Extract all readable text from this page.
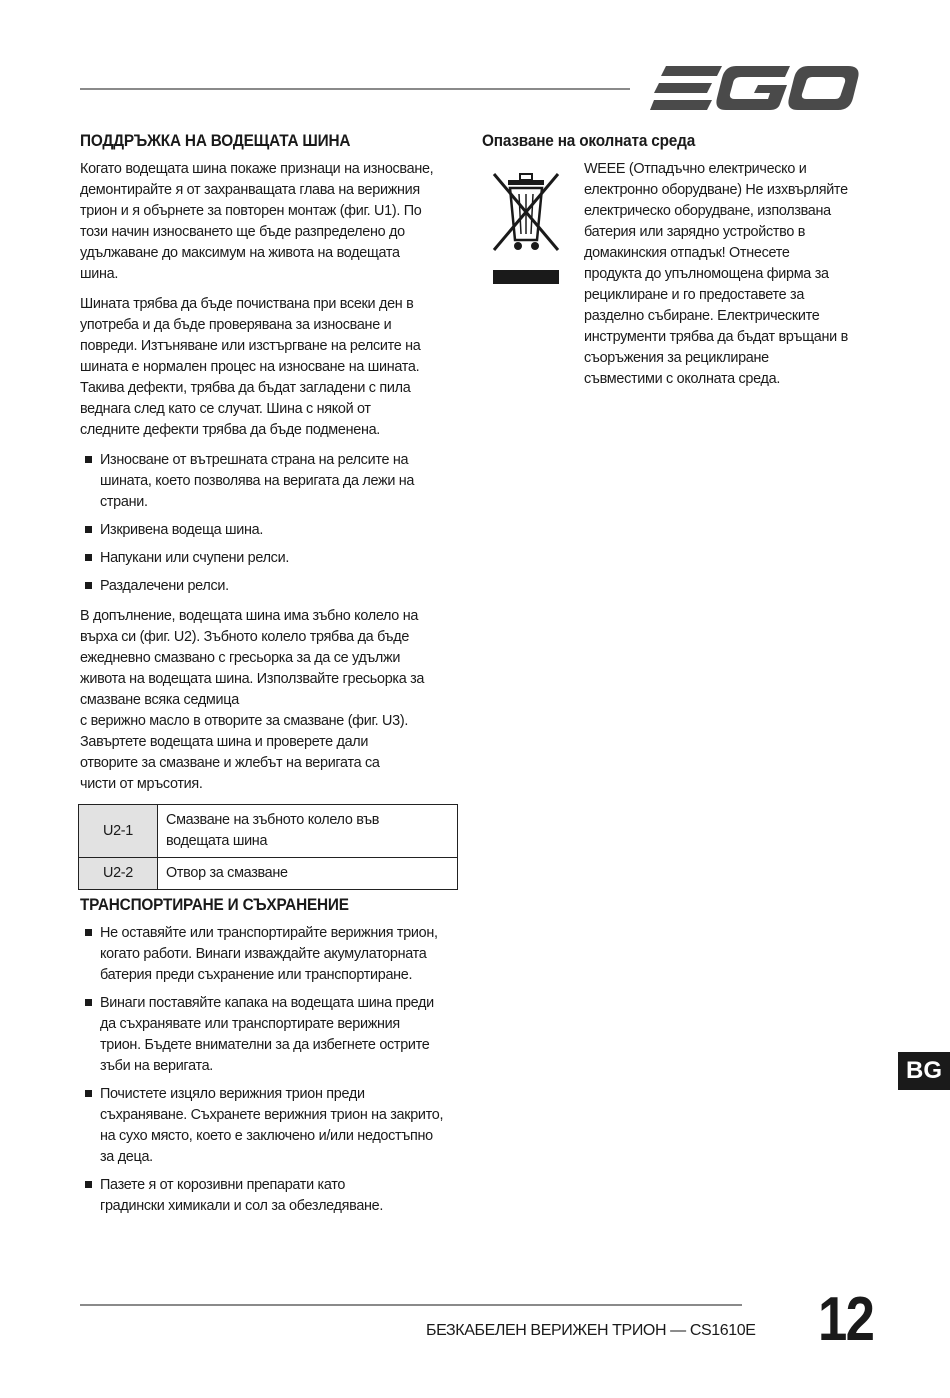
ПОДДРЪЖКА НА ВОДЕЩАТА ШИНА

Когато водещата шина покаже признаци на износване,
демонтирайте я от захранващата глава на верижния
трион и я обърнете за повторен монтаж (фиг. U1). По
този начин износването ще бъде разпределено до
удължаване до максимум на живота на водещата
шина.

Шината трябва да бъде почиствана при всеки ден в
употреба и да бъде проверявана за износване и
повреди. Изтъняване или изстъргване на релсите на
шината е нормален процес на износване на шината.
Такива дефекти, трябва да бъдат загладени с пила
веднага след като се случат. Шина с някой от
следните дефекти трябва да бъде подменена.

Износване от вътрешната страна на релсите на
шината, което позволява на веригата да лежи на
страни.
Изкривена водеща шина.
Напукани или счупени релси.
Раздалечени релси.

В допълнение, водещата шина има зъбно колело на
върха си (фиг. U2). Зъбното колело трябва да бъде
ежедневно смазвано с гресьорка за да се удължи
живота на водещата шина. Използвайте гресьорка за
смазване всяка седмица
с верижно масло в отворите за смазване (фиг. U3).
Завъртете водещата шина и проверете дали
отворите за смазване и жлебът на веригата са
чисти от мръсотия.

U2-1	Смазване на зъбното колело във
водещата шина
U2-2	Отвор за смазване
ТРАНСПОРТИРАНЕ И СЪХРАНЕНИЕ
Не оставяйте или транспортирайте верижния трион,
когато работи. Винаги изваждайте акумулаторната
батерия преди съхранение или транспортиране.
Винаги поставяйте капака на водещата шина преди
да съхранявате или транспортирате верижния
трион. Бъдете внимателни за да избегнете острите
зъби на веригата.
Почистете изцяло верижния трион преди
съхраняване. Съхранете верижния трион на закрито,
на сухо място, което е заключено и/или недостъпно
за деца.
Пазете я от корозивни препарати като
градински химикали и сол за обезледяване.
Опазване на околната среда

WEEE (Отпадъчно електрическо и
електронно оборудване) Не изхвърляйте
електрическо оборудване, използвана
батерия или зарядно устройство в
домакинския отпадък! Отнесете
продукта до упълномощена фирма за
рециклиране и го предоставете за
разделно събиране. Електрическите
инструменти трябва да бъдат връщани в
съоръжения за рециклиране
съвместими с околната среда.

BG
БЕЗКАБЕЛЕН ВЕРИЖЕН ТРИОН — CS1610E 12
